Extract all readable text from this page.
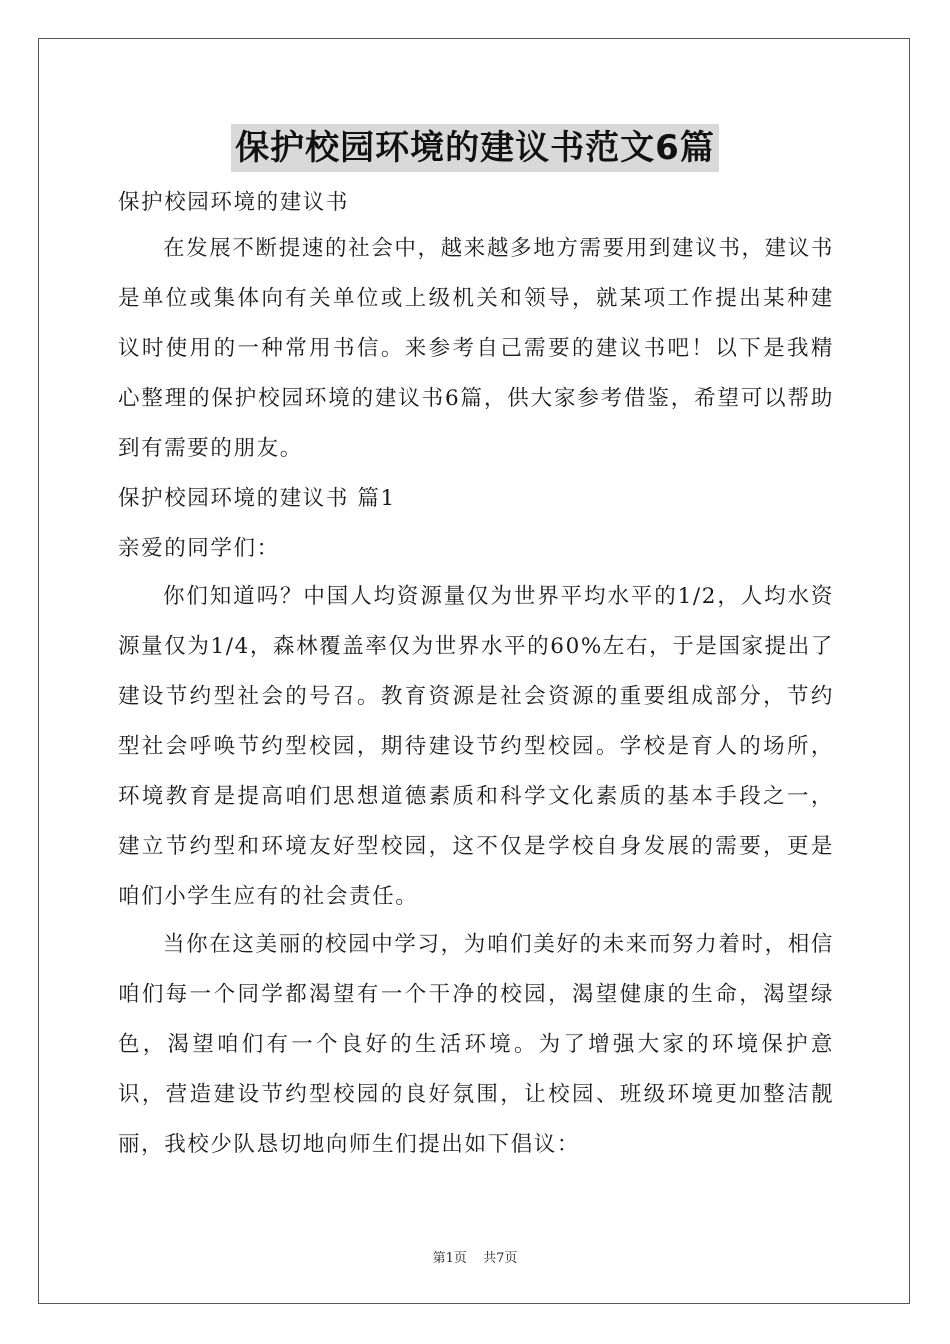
保护校园环境的建议书范文6篇

保护校园环境的建议书

在发展不断提速的社会中，越来越多地方需要用到建议书，建议书是单位或集体向有关单位或上级机关和领导，就某项工作提出某种建议时使用的一种常用书信。来参考自己需要的建议书吧！以下是我精心整理的保护校园环境的建议书6篇，供大家参考借鉴，希望可以帮助到有需要的朋友。

保护校园环境的建议书 篇1

亲爱的同学们：

你们知道吗？中国人均资源量仅为世界平均水平的1/2，人均水资源量仅为1/4，森林覆盖率仅为世界水平的60%左右，于是国家提出了建设节约型社会的号召。教育资源是社会资源的重要组成部分，节约型社会呼唤节约型校园，期待建设节约型校园。学校是育人的场所，环境教育是提高咱们思想道德素质和科学文化素质的基本手段之一，建立节约型和环境友好型校园，这不仅是学校自身发展的需要，更是咱们小学生应有的社会责任。

当你在这美丽的校园中学习，为咱们美好的未来而努力着时，相信咱们每一个同学都渴望有一个干净的校园，渴望健康的生命，渴望绿色，渴望咱们有一个良好的生活环境。为了增强大家的环境保护意识，营造建设节约型校园的良好氛围，让校园、班级环境更加整洁靓丽，我校少队恳切地向师生们提出如下倡议：

第1页 共7页
